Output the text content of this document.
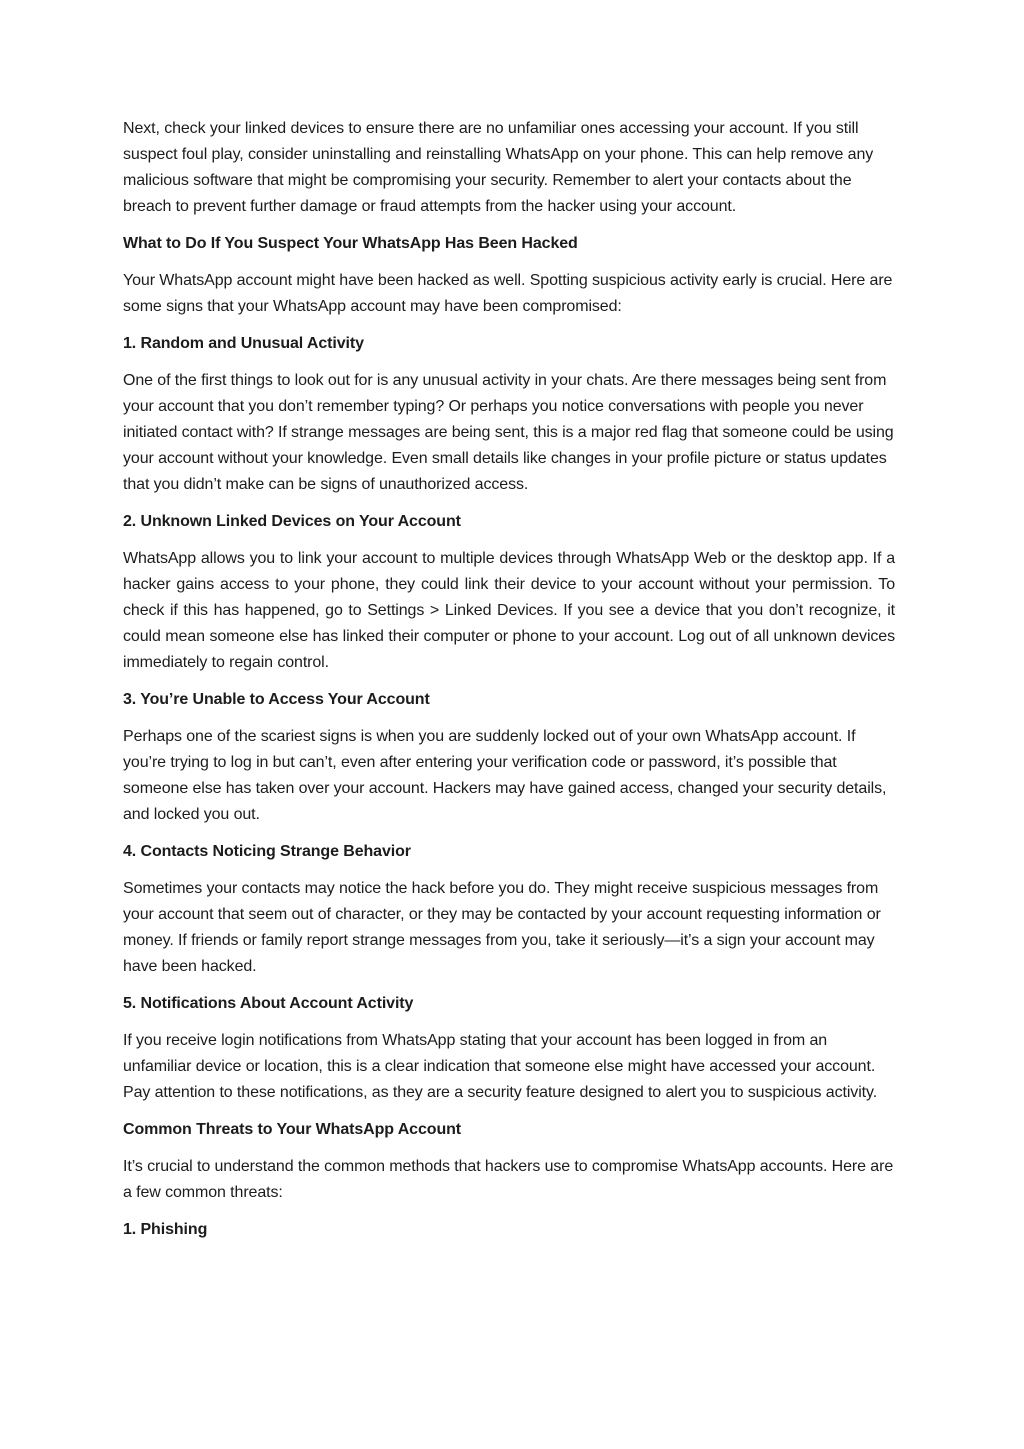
Next, check your linked devices to ensure there are no unfamiliar ones accessing your account. If you still suspect foul play, consider uninstalling and reinstalling WhatsApp on your phone. This can help remove any malicious software that might be compromising your security. Remember to alert your contacts about the breach to prevent further damage or fraud attempts from the hacker using your account.

What to Do If You Suspect Your WhatsApp Has Been Hacked

Your WhatsApp account might have been hacked as well. Spotting suspicious activity early is crucial. Here are some signs that your WhatsApp account may have been compromised:

1. Random and Unusual Activity

One of the first things to look out for is any unusual activity in your chats. Are there messages being sent from your account that you don’t remember typing? Or perhaps you notice conversations with people you never initiated contact with? If strange messages are being sent, this is a major red flag that someone could be using your account without your knowledge. Even small details like changes in your profile picture or status updates that you didn’t make can be signs of unauthorized access.

2. Unknown Linked Devices on Your Account

WhatsApp allows you to link your account to multiple devices through WhatsApp Web or the desktop app. If a hacker gains access to your phone, they could link their device to your account without your permission. To check if this has happened, go to Settings > Linked Devices. If you see a device that you don’t recognize, it could mean someone else has linked their computer or phone to your account. Log out of all unknown devices immediately to regain control.

3. You’re Unable to Access Your Account

Perhaps one of the scariest signs is when you are suddenly locked out of your own WhatsApp account. If you’re trying to log in but can’t, even after entering your verification code or password, it’s possible that someone else has taken over your account. Hackers may have gained access, changed your security details, and locked you out.

4. Contacts Noticing Strange Behavior

Sometimes your contacts may notice the hack before you do. They might receive suspicious messages from your account that seem out of character, or they may be contacted by your account requesting information or money. If friends or family report strange messages from you, take it seriously—it’s a sign your account may have been hacked.

5. Notifications About Account Activity

If you receive login notifications from WhatsApp stating that your account has been logged in from an unfamiliar device or location, this is a clear indication that someone else might have accessed your account. Pay attention to these notifications, as they are a security feature designed to alert you to suspicious activity.

Common Threats to Your WhatsApp Account

It’s crucial to understand the common methods that hackers use to compromise WhatsApp accounts. Here are a few common threats:

1. Phishing
